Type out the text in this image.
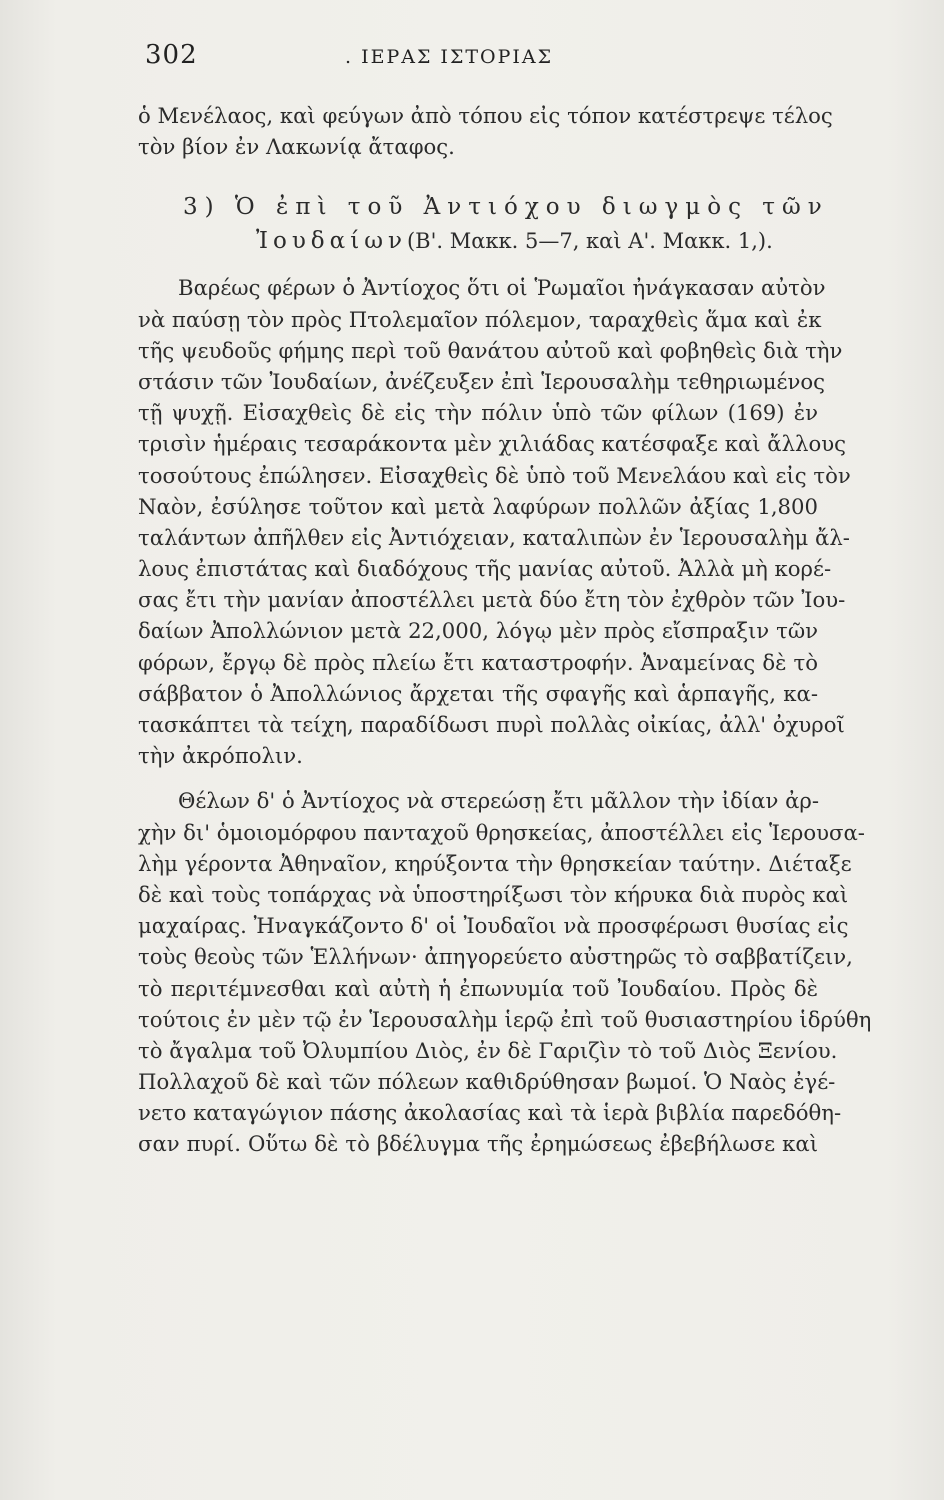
302	. ΙΕΡΑΣ ΙΣΤΟΡΙΑΣ
ὁ Μενέλαος, καὶ φεύγων ἀπὸ τόπου εἰς τόπον κατέστρεψε τέλος
τὸν βίον ἐν Λακωνίᾳ ἄταφος.
3) Ὁ ἐπὶ τοῦ Ἀντιόχου διωγμὸς τῶν
Ἰουδαίων(Β'. Μακκ. 5—7, καὶ Α'. Μακκ. 1,).
Βαρέως φέρων ὁ Ἀντίοχος ὅτι οἱ Ῥωμαῖοι ἠνάγκασαν αὐτὸν
νὰ παύσῃ τὸν πρὸς Πτολεμαῖον πόλεμον, ταραχθεὶς ἅμα καὶ ἐκ
τῆς ψευδοῦς φήμης περὶ τοῦ θανάτου αὐτοῦ καὶ φοβηθεὶς διὰ τὴν
στάσιν τῶν Ἰουδαίων, ἀνέζευξεν ἐπὶ Ἱερουσαλὴμ τεθηριωμένος
τῇ ψυχῇ. Εἰσαχθεὶς δὲ εἰς τὴν πόλιν ὑπὸ τῶν φίλων (169) ἐν
τρισὶν ἡμέραις τεσαράκοντα μὲν χιλιάδας κατέσφαξε καὶ ἄλλους
τοσούτους ἐπώλησεν. Εἰσαχθεὶς δὲ ὑπὸ τοῦ Μενελάου καὶ εἰς τὸν
Ναὸν, ἐσύλησε τοῦτον καὶ μετὰ λαφύρων πολλῶν ἀξίας 1,800
ταλάντων ἀπῆλθεν εἰς Ἀντιόχειαν, καταλιπὼν ἐν Ἱερουσαλὴμ ἄλ-
λους ἐπιστάτας καὶ διαδόχους τῆς μανίας αὐτοῦ. Ἀλλὰ μὴ κορέ-
σας ἔτι τὴν μανίαν ἀποστέλλει μετὰ δύο ἔτη τὸν ἐχθρὸν τῶν Ἰου-
δαίων Ἀπολλώνιον μετὰ 22,000, λόγῳ μὲν πρὸς εἴσπραξιν τῶν
φόρων, ἔργῳ δὲ πρὸς πλείω ἔτι καταστροφήν. Ἀναμείνας δὲ τὸ
σάββατον ὁ Ἀπολλώνιος ἄρχεται τῆς σφαγῆς καὶ ἁρπαγῆς, κα-
τασκάπτει τὰ τείχη, παραδίδωσι πυρὶ πολλὰς οἰκίας, ἀλλ' ὀχυροῖ
τὴν ἀκρόπολιν.
Θέλων δ' ὁ Ἀντίοχος νὰ στερεώσῃ ἔτι μᾶλλον τὴν ἰδίαν ἀρ-
χὴν δι' ὁμοιομόρφου πανταχοῦ θρησκείας, ἀποστέλλει εἰς Ἱερουσα-
λὴμ γέροντα Ἀθηναῖον, κηρύξοντα τὴν θρησκείαν ταύτην. Διέταξε
δὲ καὶ τοὺς τοπάρχας νὰ ὑποστηρίξωσι τὸν κήρυκα διὰ πυρὸς καὶ
μαχαίρας. Ἠναγκάζοντο δ' οἱ Ἰουδαῖοι νὰ προσφέρωσι θυσίας εἰς
τοὺς θεοὺς τῶν Ἑλλήνων· ἀπηγορεύετο αὐστηρῶς τὸ σαββατίζειν,
τὸ περιτέμνεσθαι καὶ αὐτὴ ἡ ἐπωνυμία τοῦ Ἰουδαίου. Πρὸς δὲ
τούτοις ἐν μὲν τῷ ἐν Ἱερουσαλὴμ ἱερῷ ἐπὶ τοῦ θυσιαστηρίου ἱδρύθη
τὸ ἄγαλμα τοῦ Ὀλυμπίου Διὸς, ἐν δὲ Γαριζὶν τὸ τοῦ Διὸς Ξενίου.
Πολλαχοῦ δὲ καὶ τῶν πόλεων καθιδρύθησαν βωμοί. Ὁ Ναὸς ἐγέ-
νετο καταγώγιον πάσης ἀκολασίας καὶ τὰ ἱερὰ βιβλία παρεδόθη-
σαν πυρί. Οὕτω δὲ τὸ βδέλυγμα τῆς ἐρημώσεως ἐβεβήλωσε καὶ
